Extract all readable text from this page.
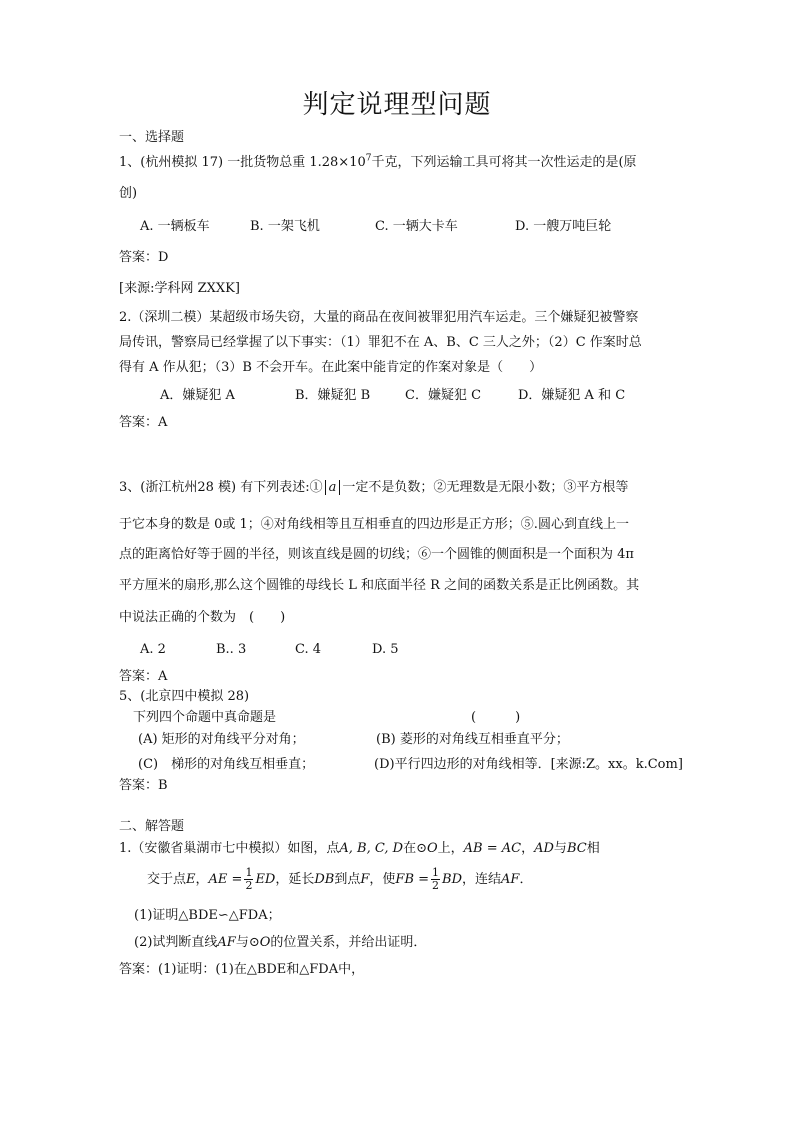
判定说理型问题
一、选择题
1、(杭州模拟 17) 一批货物总重 $1.28\times 10^7$千克，下列运输工具可将其一次性运走的是(原
创)
A. 一辆板车	B. 一架飞机	C. 一辆大卡车	D. 一艘万吨巨轮
答案：D
[来源:学科网 ZXXK]
2.（深圳二模）某超级市场失窃，大量的商品在夜间被罪犯用汽车运走。三个嫌疑犯被警察
局传讯，警察局已经掌握了以下事实：（1）罪犯不在 A、B、C 三人之外；（2）C 作案时总
得有 A 作从犯；（3）B 不会开车。在此案中能肯定的作案对象是（　　）
A．嫌疑犯 A	B．嫌疑犯 B	C．嫌疑犯 C	D．嫌疑犯 A 和 C
答案：A
3、(浙江杭州28 模) 有下列表述:① a 一定不是负数；②无理数是无限小数；③平方根等
于它本身的数是 0或 1；④对角线相等且互相垂直的四边形是正方形；⑤.圆心到直线上一
点的距离恰好等于圆的半径，则该直线是圆的切线；⑥一个圆锥的侧面积是一个面积为 4π
平方厘米的扇形,那么这个圆锥的母线长 L 和底面半径 R 之间的函数关系是正比例函数。其
中说法正确的个数为　(　　)
A. 2	B.. 3	C. 4	D. 5
答案：A
5、(北京四中模拟 28)
下列四个命题中真命题是	(　　　)
(A) 矩形的对角线平分对角；	(B) 菱形的对角线互相垂直平分；
(C)　梯形的对角线互相垂直；	(D)平行四边形的对角线相等．[来源:Z。xx。k.Com]
答案：B
二、解答题
1.（安徽省巢湖市七中模拟）如图，点A, B, C, D在⊙O上，AB = AC，AD与BC相
交于点E，AE = $\frac{1}{2}$ ED，延长DB到点F，使FB = $\frac{1}{2}$ BD，连结AF．
(1)证明△BDE∽△FDA；
(2)试判断直线AF与⊙O的位置关系，并给出证明．
答案：(1)证明：(1)在△BDE和△FDA中，
